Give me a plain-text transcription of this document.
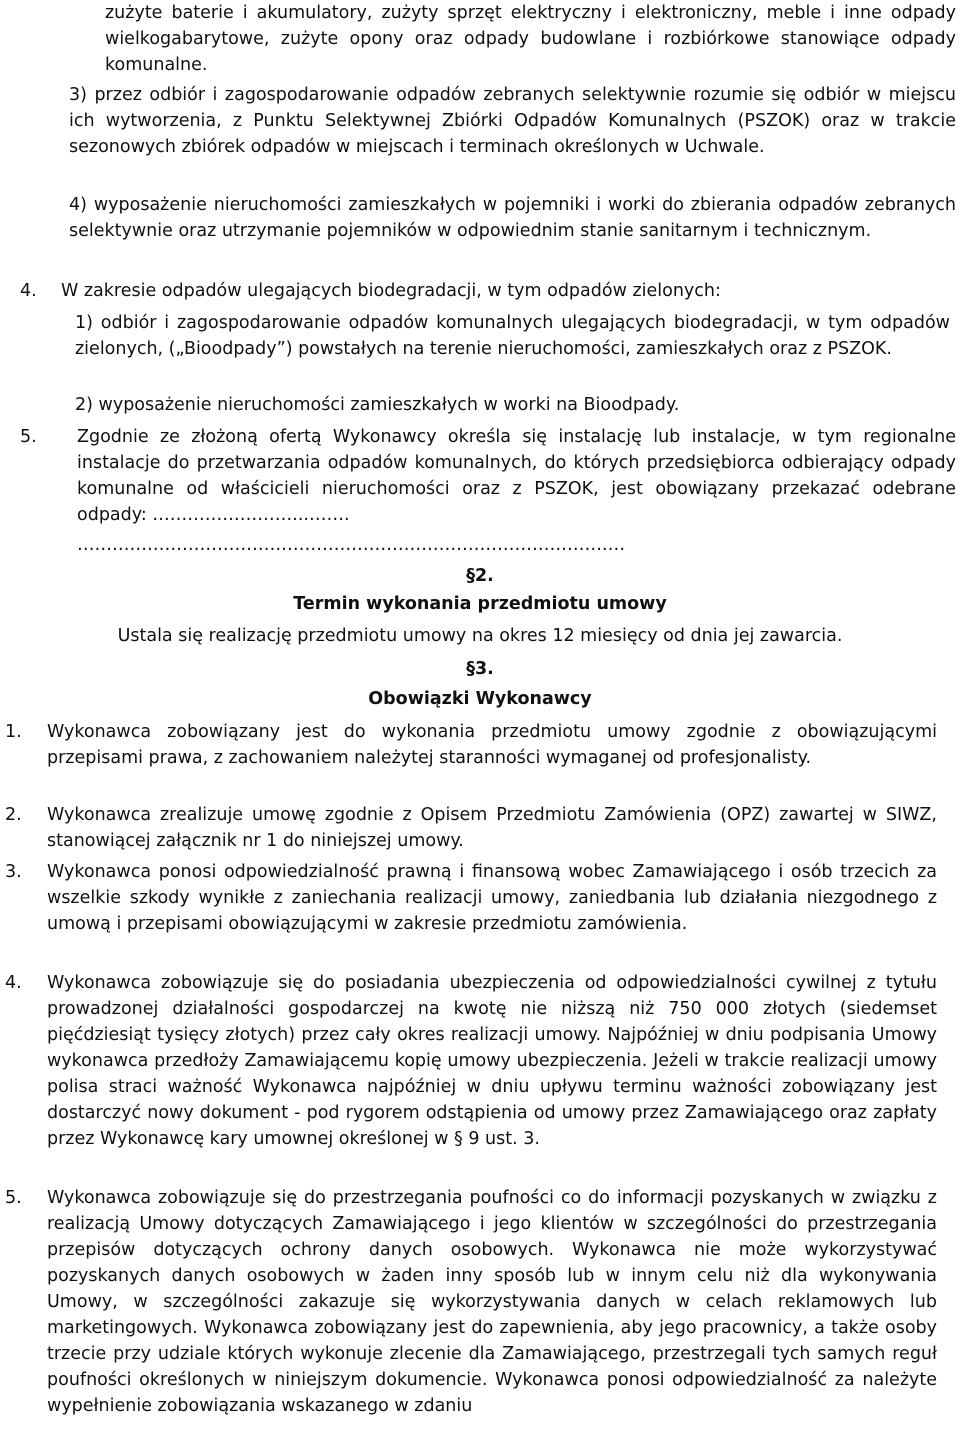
zużyte baterie i akumulatory, zużyty sprzęt elektryczny i elektroniczny, meble i inne odpady wielkogabarytowe, zużyte opony oraz odpady budowlane i rozbiórkowe stanowiące odpady komunalne.
3) przez odbiór i zagospodarowanie odpadów zebranych selektywnie rozumie się odbiór w miejscu ich wytworzenia, z Punktu Selektywnej Zbiórki Odpadów Komunalnych (PSZOK) oraz w trakcie sezonowych zbiórek odpadów w miejscach i terminach określonych w Uchwale.
4) wyposażenie nieruchomości zamieszkałych w pojemniki i worki do zbierania odpadów zebranych selektywnie oraz utrzymanie pojemników w odpowiednim stanie sanitarnym i technicznym.
4. W zakresie odpadów ulegających biodegradacji, w tym odpadów zielonych:
1) odbiór i zagospodarowanie odpadów komunalnych ulegających biodegradacji, w tym odpadów zielonych, („Bioodpady”) powstałych na terenie nieruchomości, zamieszkałych oraz z PSZOK.
2) wyposażenie nieruchomości zamieszkałych w worki na Bioodpady.
5. Zgodnie ze złożoną ofertą Wykonawcy określa się instalację lub instalacje, w tym regionalne instalacje do przetwarzania odpadów komunalnych, do których przedsiębiorca odbierający odpady komunalne od właścicieli nieruchomości oraz z PSZOK, jest obowiązany przekazać odebrane odpady: ……………………...…….
……………………………………………………………………………….…
§2.
Termin wykonania przedmiotu umowy
Ustala się realizację przedmiotu umowy na okres 12 miesięcy od dnia jej zawarcia.
§3.
Obowiązki Wykonawcy
1. Wykonawca zobowiązany jest do wykonania przedmiotu umowy zgodnie z obowiązującymi przepisami prawa, z zachowaniem należytej staranności wymaganej od profesjonalisty.
2. Wykonawca zrealizuje umowę zgodnie z Opisem Przedmiotu Zamówienia (OPZ) zawartej w SIWZ, stanowiącej załącznik nr 1 do niniejszej umowy.
3. Wykonawca ponosi odpowiedzialność prawną i finansową wobec Zamawiającego i osób trzecich za wszelkie szkody wynikłe z zaniechania realizacji umowy, zaniedbania lub działania niezgodnego z umową i przepisami obowiązującymi w zakresie przedmiotu zamówienia.
4. Wykonawca zobowiązuje się do posiadania ubezpieczenia od odpowiedzialności cywilnej z tytułu prowadzonej działalności gospodarczej na kwotę nie niższą niż 750 000 złotych (siedemset pięćdziesiąt tysięcy złotych) przez cały okres realizacji umowy. Najpóźniej w dniu podpisania Umowy wykonawca przedłoży Zamawiającemu kopię umowy ubezpieczenia. Jeżeli w trakcie realizacji umowy polisa straci ważność Wykonawca najpóźniej w dniu upływu terminu ważności zobowiązany jest dostarczyć nowy dokument - pod rygorem odstąpienia od umowy przez Zamawiającego oraz zapłaty przez Wykonawcę kary umownej określonej w § 9 ust. 3.
5. Wykonawca zobowiązuje się do przestrzegania poufności co do informacji pozyskanych w związku z realizacją Umowy dotyczących Zamawiającego i jego klientów w szczególności do przestrzegania przepisów dotyczących ochrony danych osobowych. Wykonawca nie może wykorzystywać pozyskanych danych osobowych w żaden inny sposób lub w innym celu niż dla wykonywania Umowy, w szczególności zakazuje się wykorzystywania danych w celach reklamowych lub marketingowych. Wykonawca zobowiązany jest do zapewnienia, aby jego pracownicy, a także osoby trzecie przy udziale których wykonuje zlecenie dla Zamawiającego, przestrzegali tych samych reguł poufności określonych w niniejszym dokumencie. Wykonawca ponosi odpowiedzialność za należyte wypełnienie zobowiązania wskazanego w zdaniu
